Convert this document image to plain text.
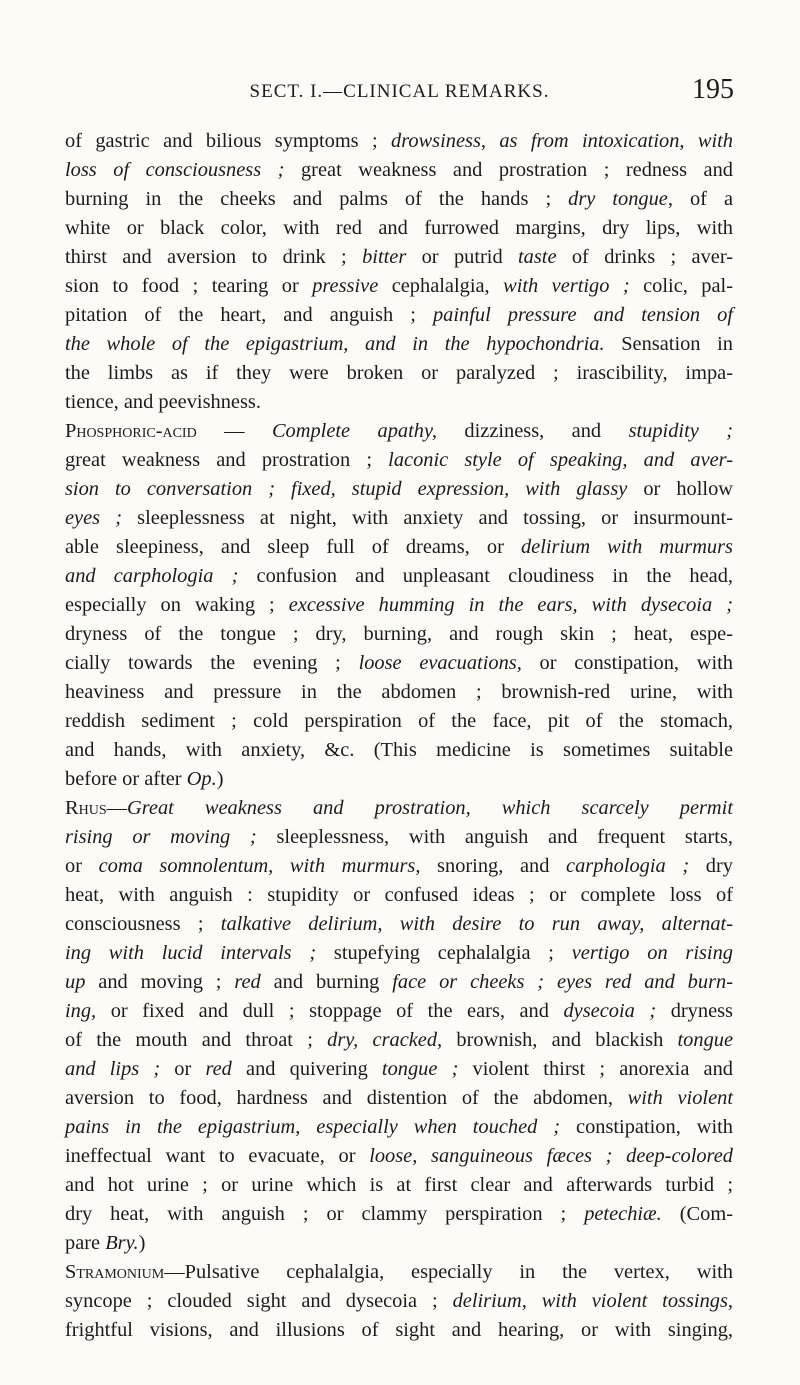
SECT. I.—CLINICAL REMARKS.	195
of gastric and bilious symptoms ; drowsiness, as from intoxication, with
loss of consciousness ; great weakness and prostration ; redness and
burning in the cheeks and palms of the hands ; dry tongue, of a
white or black color, with red and furrowed margins, dry lips, with
thirst and aversion to drink ; bitter or putrid taste of drinks ; aver-
sion to food ; tearing or pressive cephalalgia, with vertigo ; colic, pal-
pitation of the heart, and anguish ; painful pressure and tension of
the whole of the epigastrium, and in the hypochondria. Sensation in
the limbs as if they were broken or paralyzed ; irascibility, impa-
tience, and peevishness.
Phosphoric-acid — Complete apathy, dizziness, and stupidity ;
great weakness and prostration ; laconic style of speaking, and aver-
sion to conversation ; fixed, stupid expression, with glassy or hollow
eyes ; sleeplessness at night, with anxiety and tossing, or insurmount-
able sleepiness, and sleep full of dreams, or delirium with murmurs
and carphologia ; confusion and unpleasant cloudiness in the head,
especially on waking ; excessive humming in the ears, with dysecoia ;
dryness of the tongue ; dry, burning, and rough skin ; heat, espe-
cially towards the evening ; loose evacuations, or constipation, with
heaviness and pressure in the abdomen ; brownish-red urine, with
reddish sediment ; cold perspiration of the face, pit of the stomach,
and hands, with anxiety, &c. (This medicine is sometimes suitable
before or after Op.)
Rhus—Great weakness and prostration, which scarcely permit
rising or moving ; sleeplessness, with anguish and frequent starts,
or coma somnolentum, with murmurs, snoring, and carphologia ; dry
heat, with anguish : stupidity or confused ideas ; or complete loss of
consciousness ; talkative delirium, with desire to run away, alternat-
ing with lucid intervals ; stupefying cephalalgia ; vertigo on rising
up and moving ; red and burning face or cheeks ; eyes red and burn-
ing, or fixed and dull ; stoppage of the ears, and dysecoia ; dryness
of the mouth and throat ; dry, cracked, brownish, and blackish tongue
and lips ; or red and quivering tongue ; violent thirst ; anorexia and
aversion to food, hardness and distention of the abdomen, with violent
pains in the epigastrium, especially when touched ; constipation, with
ineffectual want to evacuate, or loose, sanguineous fæces ; deep-colored
and hot urine ; or urine which is at first clear and afterwards turbid ;
dry heat, with anguish ; or clammy perspiration ; petechiæ. (Com-
pare Bry.)
Stramonium—Pulsative cephalalgia, especially in the vertex, with
syncope ; clouded sight and dysecoia ; delirium, with violent tossings,
frightful visions, and illusions of sight and hearing, or with singing,
